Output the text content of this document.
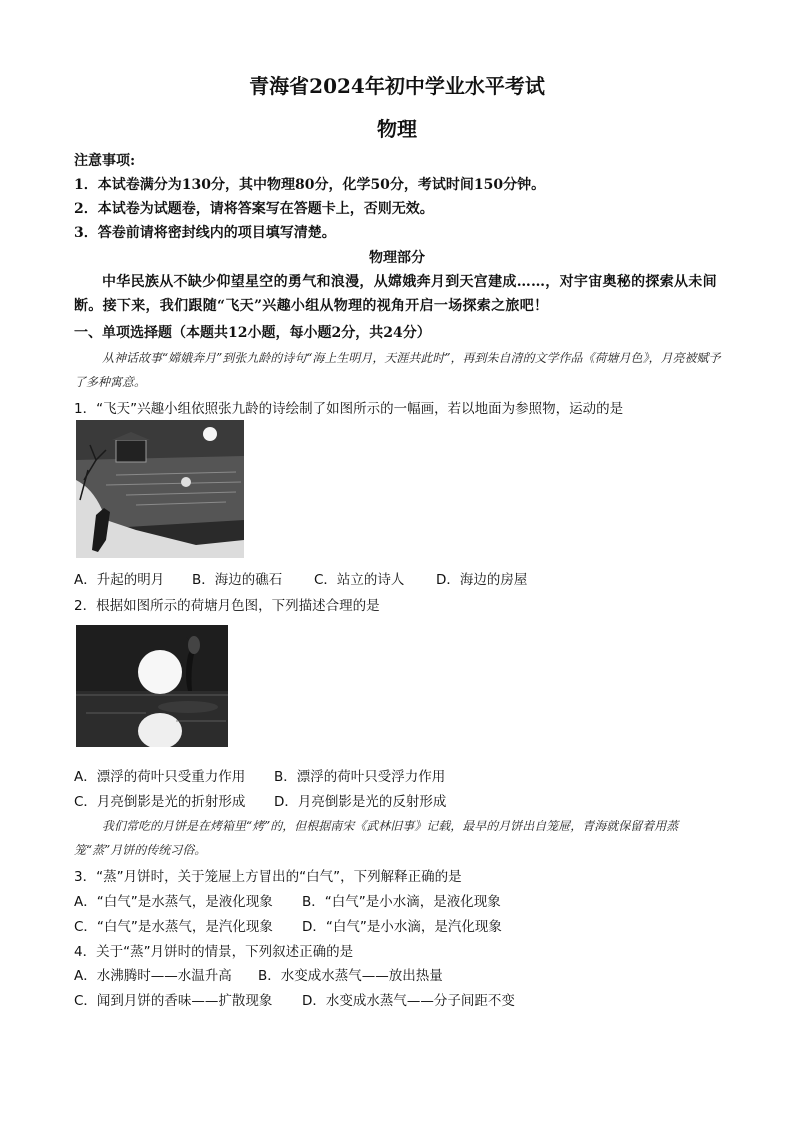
青海省2024年初中学业水平考试
物理
注意事项:
1．本试卷满分为130分，其中物理80分，化学50分，考试时间150分钟。
2．本试卷为试题卷，请将答案写在答题卡上，否则无效。
3．答卷前请将密封线内的项目填写清楚。
物理部分
中华民族从不缺少仰望星空的勇气和浪漫，从嫦娥奔月到天宫建成……，对宇宙奥秘的探索从未间断。接下来，我们跟随“飞天”兴趣小组从物理的视角开启一场探索之旅吧！
一、单项选择题（本题共12小题，每小题2分，共24分）
从神话故事“嫦娥奔月”到张九龄的诗句“海上生明月，天涯共此时”，再到朱自清的文学作品《荷塘月色》，月亮被赋予了多种寓意。
1．“飞天”兴趣小组依照张九龄的诗绘制了如图所示的一幅画，若以地面为参照物，运动的是
A．升起的明月 B．海边的礁石 C．站立的诗人 D．海边的房屋
2．根据如图所示的荷塘月色图，下列描述合理的是
A．漂浮的荷叶只受重力作用 B．漂浮的荷叶只受浮力作用
C．月亮倒影是光的折射形成 D．月亮倒影是光的反射形成
我们常吃的月饼是在烤箱里“烤”的，但根据南宋《武林旧事》记载，最早的月饼出自笼屉，青海就保留着用蒸笼“蒸”月饼的传统习俗。
3．“蒸”月饼时，关于笼屉上方冒出的“白气”，下列解释正确的是
A．“白气”是水蒸气，是液化现象 B．“白气”是小水滴，是液化现象
C．“白气”是水蒸气，是汽化现象 D．“白气”是小水滴，是汽化现象
4．关于“蒸”月饼时的情景，下列叙述正确的是
A．水沸腾时——水温升高 B．水变成水蒸气——放出热量
C．闻到月饼的香味——扩散现象 D．水变成水蒸气——分子间距不变
